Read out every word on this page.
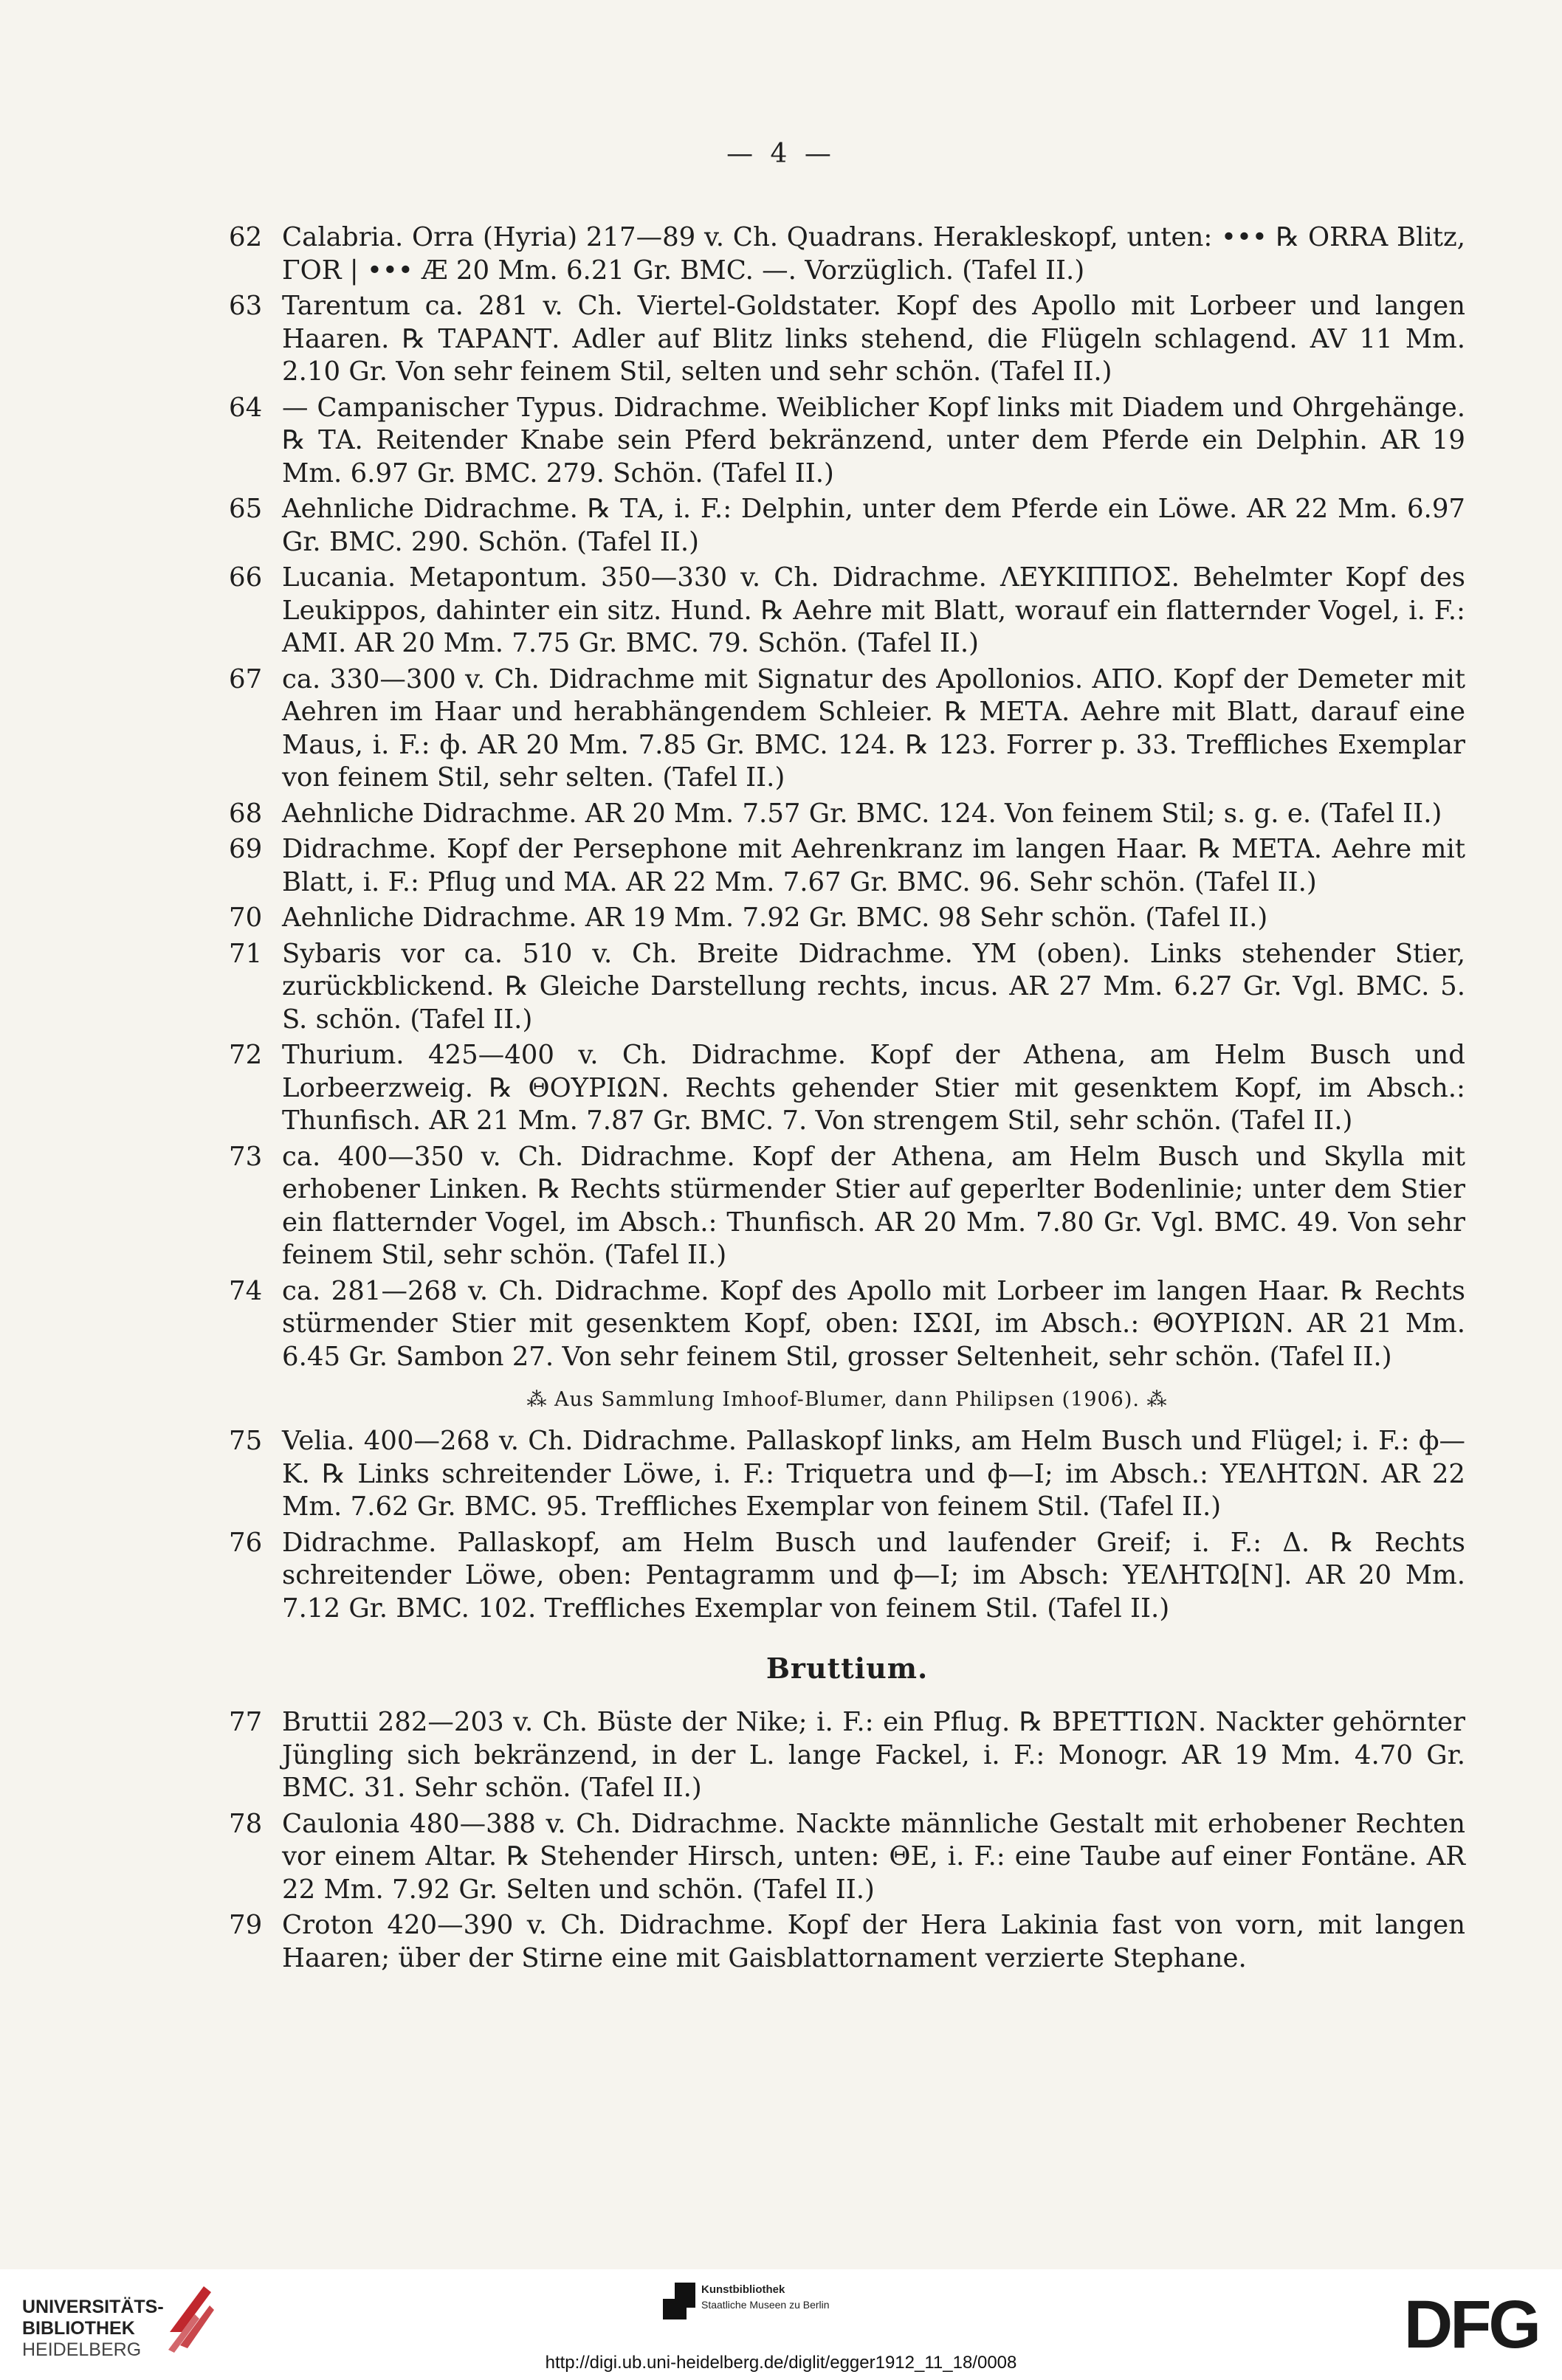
— 4 —
62 Calabria. Orra (Hyria) 217—89 v. Ch. Quadrans. Herakleskopf, unten: ••• ℞ ORRA Blitz, ΓΟR | ••• Æ 20 Mm. 6.21 Gr. BMC. —. Vorzüglich. (Tafel II.)
63 Tarentum ca. 281 v. Ch. Viertel-Goldstater. Kopf des Apollo mit Lorbeer und langen Haaren. ℞ ΤΑΡΑΝΤ. Adler auf Blitz links stehend, die Flügeln schlagend. AV 11 Mm. 2.10 Gr. Von sehr feinem Stil, selten und sehr schön. (Tafel II.)
64 — Campanischer Typus. Didrachme. Weiblicher Kopf links mit Diadem und Ohrgehänge. ℞ ΤΑ. Reitender Knabe sein Pferd bekränzend, unter dem Pferde ein Delphin. AR 19 Mm. 6.97 Gr. BMC. 279. Schön. (Tafel II.)
65 Aehnliche Didrachme. ℞ ΤΑ, i. F.: Delphin, unter dem Pferde ein Löwe. AR 22 Mm. 6.97 Gr. BMC. 290. Schön. (Tafel II.)
66 Lucania. Metapontum. 350—330 v. Ch. Didrachme. ΛΕΥΚΙΠΠΟΣ. Behelmter Kopf des Leukippos, dahinter ein sitz. Hund. ℞ Aehre mit Blatt, worauf ein flatternder Vogel, i. F.: ΑΜΙ. AR 20 Mm. 7.75 Gr. BMC. 79. Schön. (Tafel II.)
67 ca. 330—300 v. Ch. Didrachme mit Signatur des Apollonios. ΑΠΟ. Kopf der Demeter mit Aehren im Haar und herabhängendem Schleier. ℞ ΜΕΤΑ. Aehre mit Blatt, darauf eine Maus, i. F.: ф. AR 20 Mm. 7.85 Gr. BMC. 124. ℞ 123. Forrer p. 33. Treffliches Exemplar von feinem Stil, sehr selten. (Tafel II.)
68 Aehnliche Didrachme. AR 20 Mm. 7.57 Gr. BMC. 124. Von feinem Stil; s. g. e. (Tafel II.)
69 Didrachme. Kopf der Persephone mit Aehrenkranz im langen Haar. ℞ ΜΕΤΑ. Aehre mit Blatt, i. F.: Pflug und ΜΑ. AR 22 Mm. 7.67 Gr. BMC. 96. Sehr schön. (Tafel II.)
70 Aehnliche Didrachme. AR 19 Mm. 7.92 Gr. BMC. 98 Sehr schön. (Tafel II.)
71 Sybaris vor ca. 510 v. Ch. Breite Didrachme. ΥΜ (oben). Links stehender Stier, zurückblickend. ℞ Gleiche Darstellung rechts, incus. AR 27 Mm. 6.27 Gr. Vgl. BMC. 5. S. schön. (Tafel II.)
72 Thurium. 425—400 v. Ch. Didrachme. Kopf der Athena, am Helm Busch und Lorbeerzweig. ℞ ΘΟΥΡΙΩΝ. Rechts gehender Stier mit gesenktem Kopf, im Absch.: Thunfisch. AR 21 Mm. 7.87 Gr. BMC. 7. Von strengem Stil, sehr schön. (Tafel II.)
73 ca. 400—350 v. Ch. Didrachme. Kopf der Athena, am Helm Busch und Skylla mit erhobener Linken. ℞ Rechts stürmender Stier auf geperlter Bodenlinie; unter dem Stier ein flatternder Vogel, im Absch.: Thunfisch. AR 20 Mm. 7.80 Gr. Vgl. BMC. 49. Von sehr feinem Stil, sehr schön. (Tafel II.)
74 ca. 281—268 v. Ch. Didrachme. Kopf des Apollo mit Lorbeer im langen Haar. ℞ Rechts stürmender Stier mit gesenktem Kopf, oben: ΙΣΩΙ, im Absch.: ΘΟΥΡΙΩΝ. AR 21 Mm. 6.45 Gr. Sambon 27. Von sehr feinem Stil, grosser Seltenheit, sehr schön. (Tafel II.)
⁂ Aus Sammlung Imhoof-Blumer, dann Philipsen (1906). ⁂
75 Velia. 400—268 v. Ch. Didrachme. Pallaskopf links, am Helm Busch und Flügel; i. F.: ф—Κ. ℞ Links schreitender Löwe, i. F.: Triquetra und ф—Ι; im Absch.: ΥΕΛΗΤΩΝ. AR 22 Mm. 7.62 Gr. BMC. 95. Treffliches Exemplar von feinem Stil. (Tafel II.)
76 Didrachme. Pallaskopf, am Helm Busch und laufender Greif; i. F.: Δ. ℞ Rechts schreitender Löwe, oben: Pentagramm und ф—Ι; im Absch: ΥΕΛΗΤΩ[Ν]. AR 20 Mm. 7.12 Gr. BMC. 102. Treffliches Exemplar von feinem Stil. (Tafel II.)
Bruttium.
77 Bruttii 282—203 v. Ch. Büste der Nike; i. F.: ein Pflug. ℞ ΒΡΕΤΤΙΩΝ. Nackter gehörnter Jüngling sich bekränzend, in der L. lange Fackel, i. F.: Monogr. AR 19 Mm. 4.70 Gr. BMC. 31. Sehr schön. (Tafel II.)
78 Caulonia 480—388 v. Ch. Didrachme. Nackte männliche Gestalt mit erhobener Rechten vor einem Altar. ℞ Stehender Hirsch, unten: ΘΕ, i. F.: eine Taube auf einer Fontäne. AR 22 Mm. 7.92 Gr. Selten und schön. (Tafel II.)
79 Croton 420—390 v. Ch. Didrachme. Kopf der Hera Lakinia fast von vorn, mit langen Haaren; über der Stirne eine mit Gaisblattornament verzierte Stephane.
UNIVERSITÄTS-
BIBLIOTHEK
HEIDELBERG
Kunstbibliothek
Staatliche Museen zu Berlin	DFG
http://digi.ub.uni-heidelberg.de/diglit/egger1912_11_18/0008
